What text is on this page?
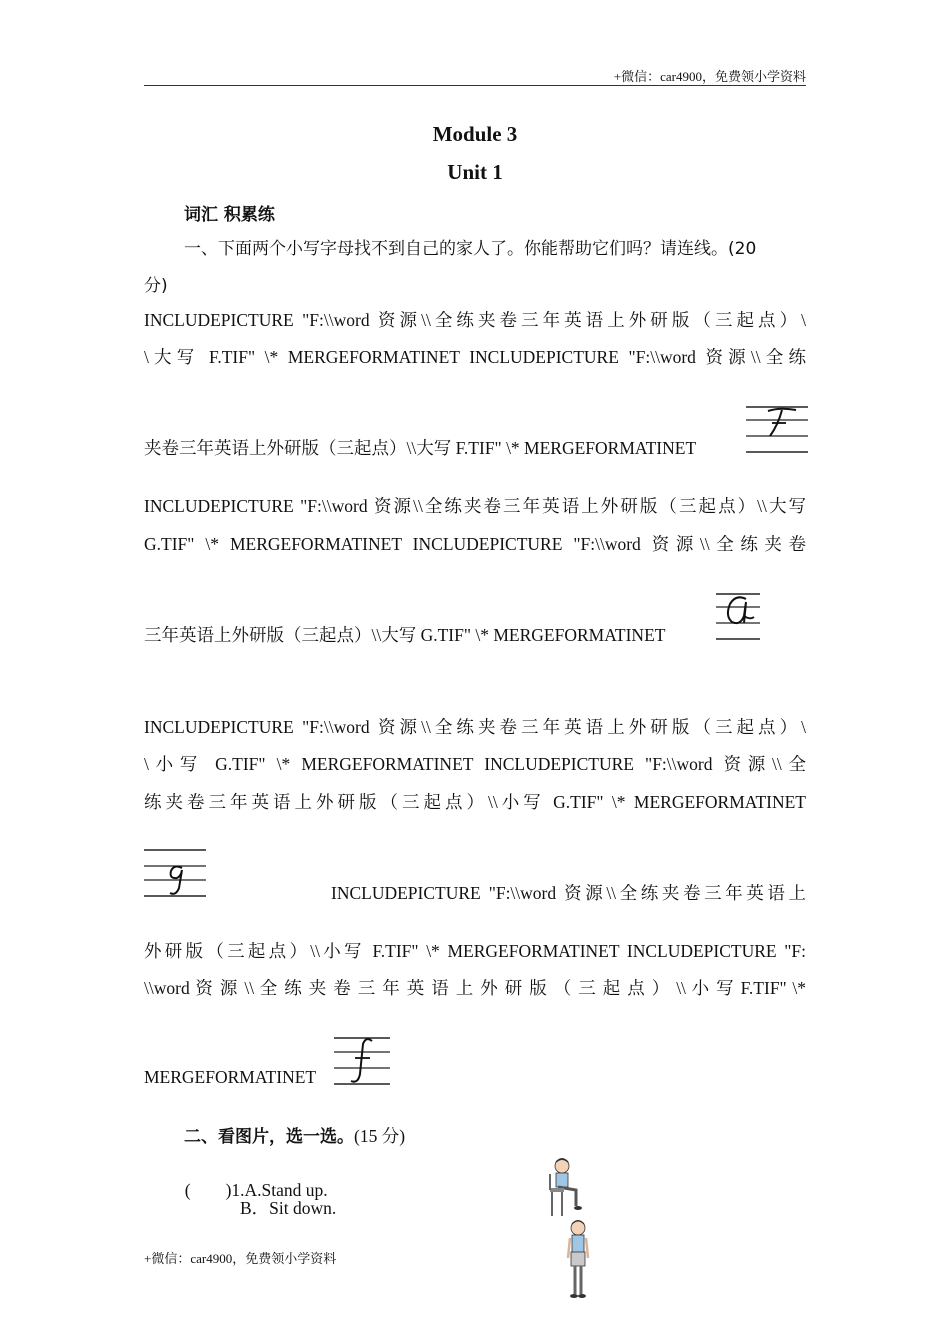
+微信：car4900，免费领小学资料
Module 3
Unit 1
词汇 积累练
一、下面两个小写字母找不到自己的家人了。你能帮助它们吗？请连线。(20
分)
INCLUDEPICTURE "F:\\word 资源\\全练夹卷三年英语上外研版（三起点）\
\大写 F.TIF" \* MERGEFORMATINET INCLUDEPICTURE "F:\\word 资源\\全练
夹卷三年英语上外研版（三起点）\\大写 F.TIF" \* MERGEFORMATINET
INCLUDEPICTURE "F:\\word 资源\\全练夹卷三年英语上外研版（三起点）\\大写
G.TIF" \* MERGEFORMATINET INCLUDEPICTURE "F:\\word 资源\\全练夹卷
三年英语上外研版（三起点）\\大写 G.TIF" \* MERGEFORMATINET
INCLUDEPICTURE "F:\\word 资源\\全练夹卷三年英语上外研版（三起点）\
\小写 G.TIF" \* MERGEFORMATINET INCLUDEPICTURE "F:\\word 资源\\全
练夹卷三年英语上外研版（三起点）\\小写 G.TIF" \* MERGEFORMATINET
INCLUDEPICTURE "F:\\word 资源\\全练夹卷三年英语上
外研版（三起点）\\小写 F.TIF" \* MERGEFORMATINET INCLUDEPICTURE "F:
\\word 资 源 \\ 全 练 夹 卷 三 年 英 语 上 外 研 版 （ 三 起 点 ） \\ 小 写 F.TIF" \*
MERGEFORMATINET
二、看图片，选一选。(15 分)

(        )1.A.Stand up.

B．Sit down.
+微信：car4900，免费领小学资料
